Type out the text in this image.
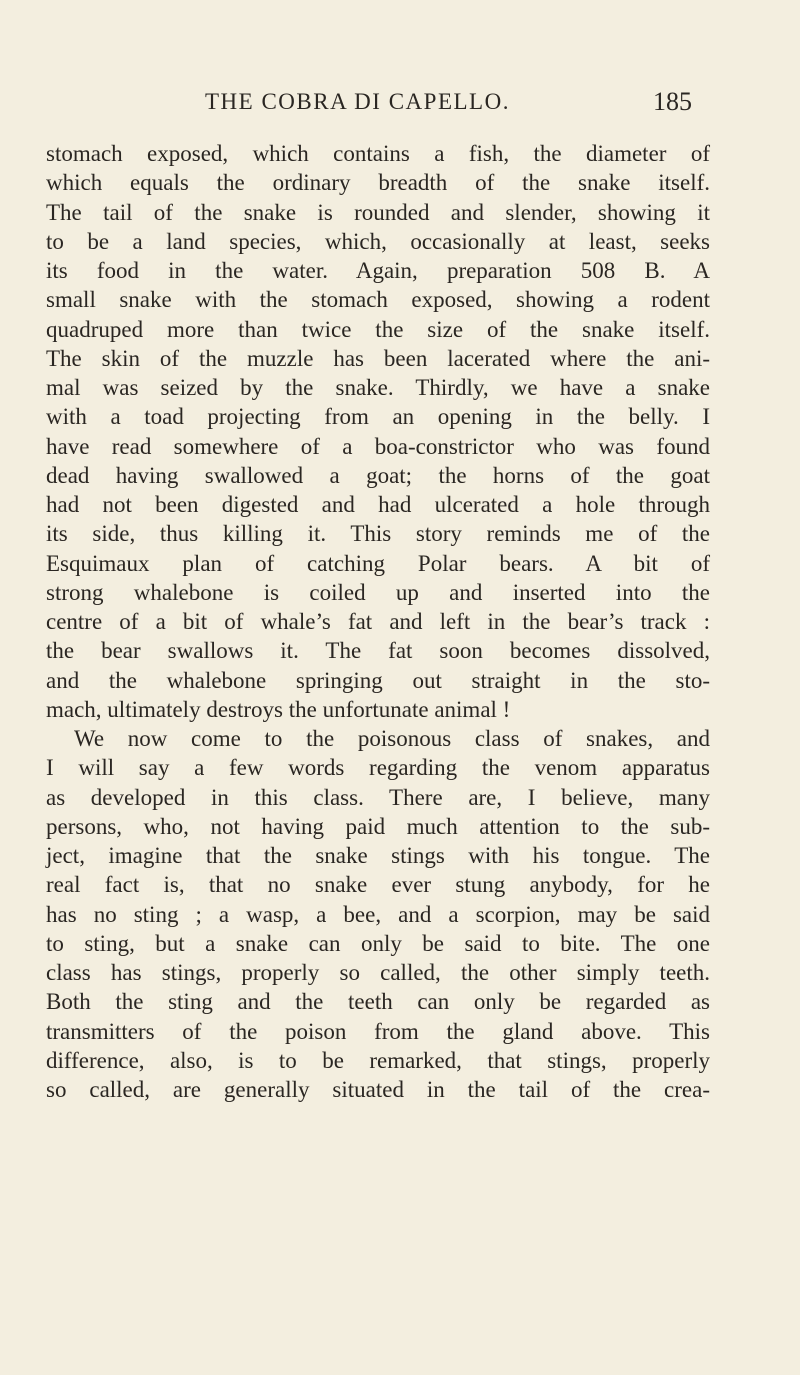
THE COBRA DI CAPELLO.	185
stomach exposed, which contains a fish, the diameter of
which equals the ordinary breadth of the snake itself.
The tail of the snake is rounded and slender, showing it
to be a land species, which, occasionally at least, seeks
its food in the water. Again, preparation 508 B. A
small snake with the stomach exposed, showing a rodent
quadruped more than twice the size of the snake itself.
The skin of the muzzle has been lacerated where the ani-
mal was seized by the snake. Thirdly, we have a snake
with a toad projecting from an opening in the belly. I
have read somewhere of a boa-constrictor who was found
dead having swallowed a goat; the horns of the goat
had not been digested and had ulcerated a hole through
its side, thus killing it. This story reminds me of the
Esquimaux plan of catching Polar bears. A bit of
strong whalebone is coiled up and inserted into the
centre of a bit of whale’s fat and left in the bear’s track :
the bear swallows it. The fat soon becomes dissolved,
and the whalebone springing out straight in the sto-
mach, ultimately destroys the unfortunate animal !
We now come to the poisonous class of snakes, and
I will say a few words regarding the venom apparatus
as developed in this class. There are, I believe, many
persons, who, not having paid much attention to the sub-
ject, imagine that the snake stings with his tongue. The
real fact is, that no snake ever stung anybody, for he
has no sting ; a wasp, a bee, and a scorpion, may be said
to sting, but a snake can only be said to bite. The one
class has stings, properly so called, the other simply teeth.
Both the sting and the teeth can only be regarded as
transmitters of the poison from the gland above. This
difference, also, is to be remarked, that stings, properly
so called, are generally situated in the tail of the crea-
